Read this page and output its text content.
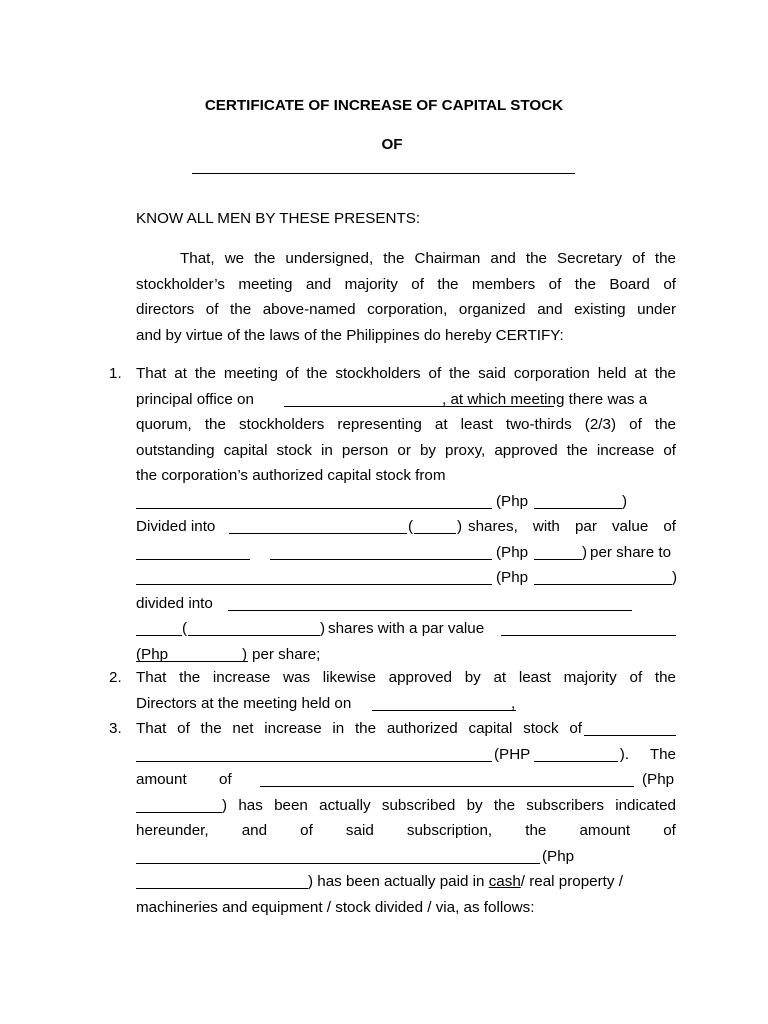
CERTIFICATE OF INCREASE OF CAPITAL STOCK
OF
KNOW ALL MEN BY THESE PRESENTS:
That, we the undersigned, the Chairman and the Secretary of the
stockholder’s meeting and majority of the members of the Board of
directors of the above-named corporation, organized and existing under
and by virtue of the laws of the Philippines do hereby CERTIFY:
1. That at the meeting of the stockholders of the said corporation held at the
principal office on	, at which meeting there was a
quorum, the stockholders representing at least two-thirds (2/3) of the
outstanding capital stock in person or by proxy, approved the increase of
the corporation’s authorized capital stock from
(Php	)
Divided into	(	) shares, with par value of
(Php	) per share to
(Php	)
divided into
(	) shares with a par value
(Php	) per share;
2. That the increase was likewise approved by at least majority of the
Directors at the meeting held on	,
3. That of the net increase in the authorized capital stock of
(PHP	).     The
amount of	(Php
) has been actually subscribed by the subscribers indicated
hereunder, and of said subscription, the amount of
(Php
) has been actually paid in cash/ real property /
machineries and equipment / stock divided / via, as follows:
